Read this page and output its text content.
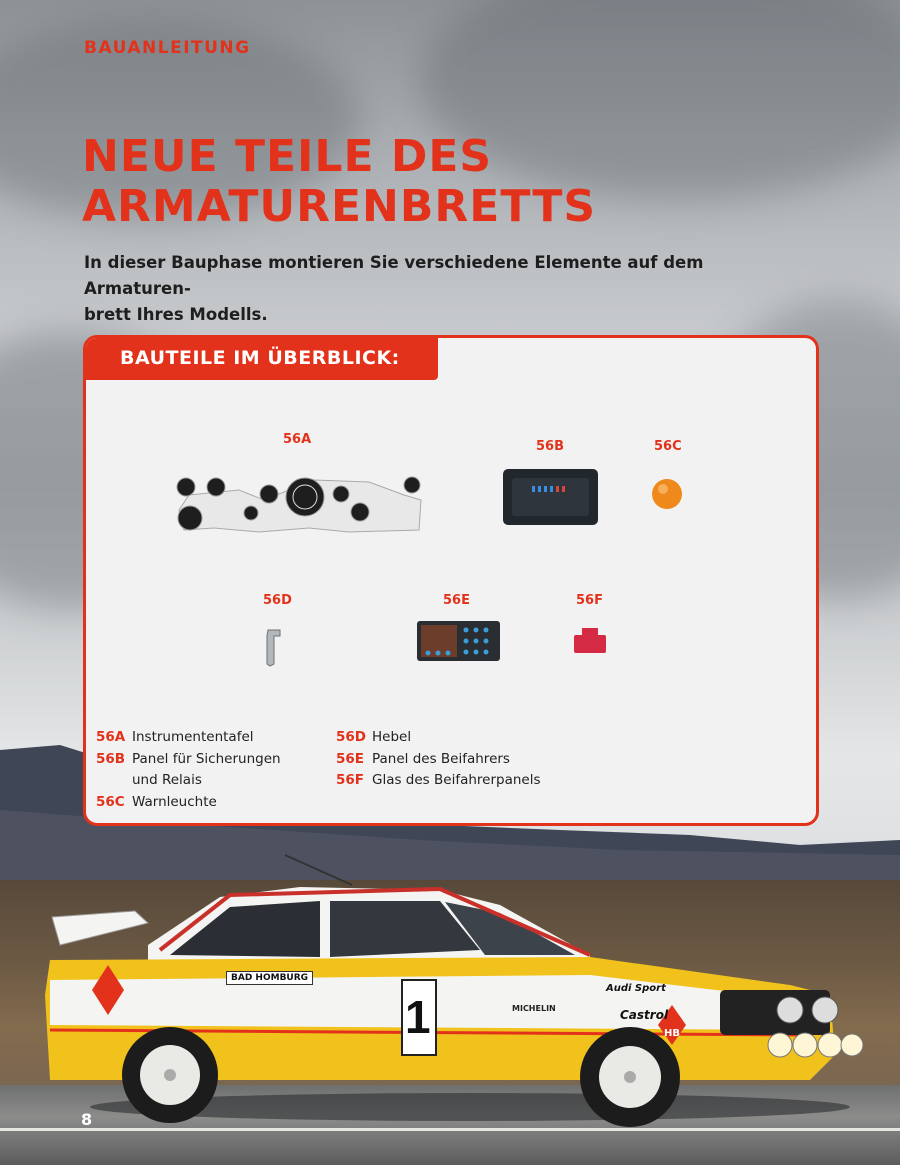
1
BAD HOMBURG
Audi Sport
Castrol
MICHELIN
HB
BAUANLEITUNG
NEUE TEILE DES
ARMATURENBRETTS

In dieser Bauphase montieren Sie verschiedene Elemente auf dem Armaturen-
brett Ihres Modells.

BAUTEILE IM ÜBERBLICK:
56A	56B	56C
56D	56E	56F
56A Instrumententafel
56B Panel für Sicherungen
und Relais
56C Warnleuchte
56D Hebel
56E Panel des Beifahrers
56F Glas des Beifahrerpanels
8
